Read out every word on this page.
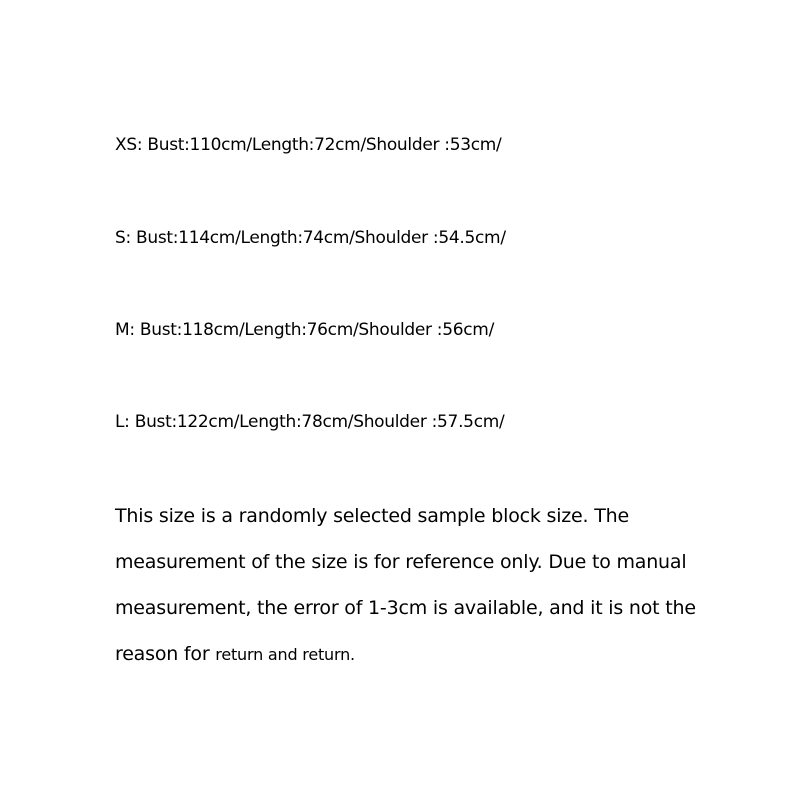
XS: Bust:110cm/Length:72cm/Shoulder :53cm/

S: Bust:114cm/Length:74cm/Shoulder :54.5cm/

M: Bust:118cm/Length:76cm/Shoulder :56cm/

L: Bust:122cm/Length:78cm/Shoulder :57.5cm/

This size is a randomly selected sample block size. The
measurement of the size is for reference only. Due to manual
measurement, the error of 1-3cm is available, and it is not the
reason for return and return.
